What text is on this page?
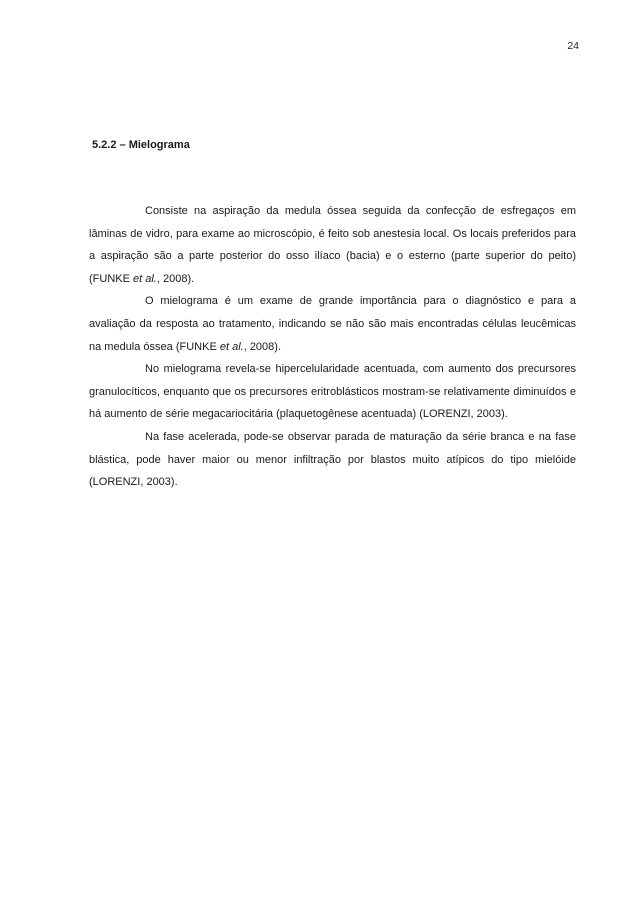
24
5.2.2 – Mielograma

Consiste na aspiração da medula óssea seguida da confecção de esfregaços em lâminas de vidro, para exame ao microscópio, é feito sob anestesia local. Os locais preferidos para a aspiração são a parte posterior do osso ilíaco (bacia) e o esterno (parte superior do peito) (FUNKE et al., 2008).

O mielograma é um exame de grande importância para o diagnóstico e para a avaliação da resposta ao tratamento, indicando se não são mais encontradas células leucêmicas na medula óssea (FUNKE et al., 2008).

No mielograma revela-se hipercelularidade acentuada, com aumento dos precursores granulocíticos, enquanto que os precursores eritroblásticos mostram-se relativamente diminuídos e há aumento de série megacariocitária (plaquetogênese acentuada) (LORENZI, 2003).

Na fase acelerada, pode-se observar parada de maturação da série branca e na fase blástica, pode haver maior ou menor infiltração por blastos muito atípicos do tipo mielóide (LORENZI, 2003).
